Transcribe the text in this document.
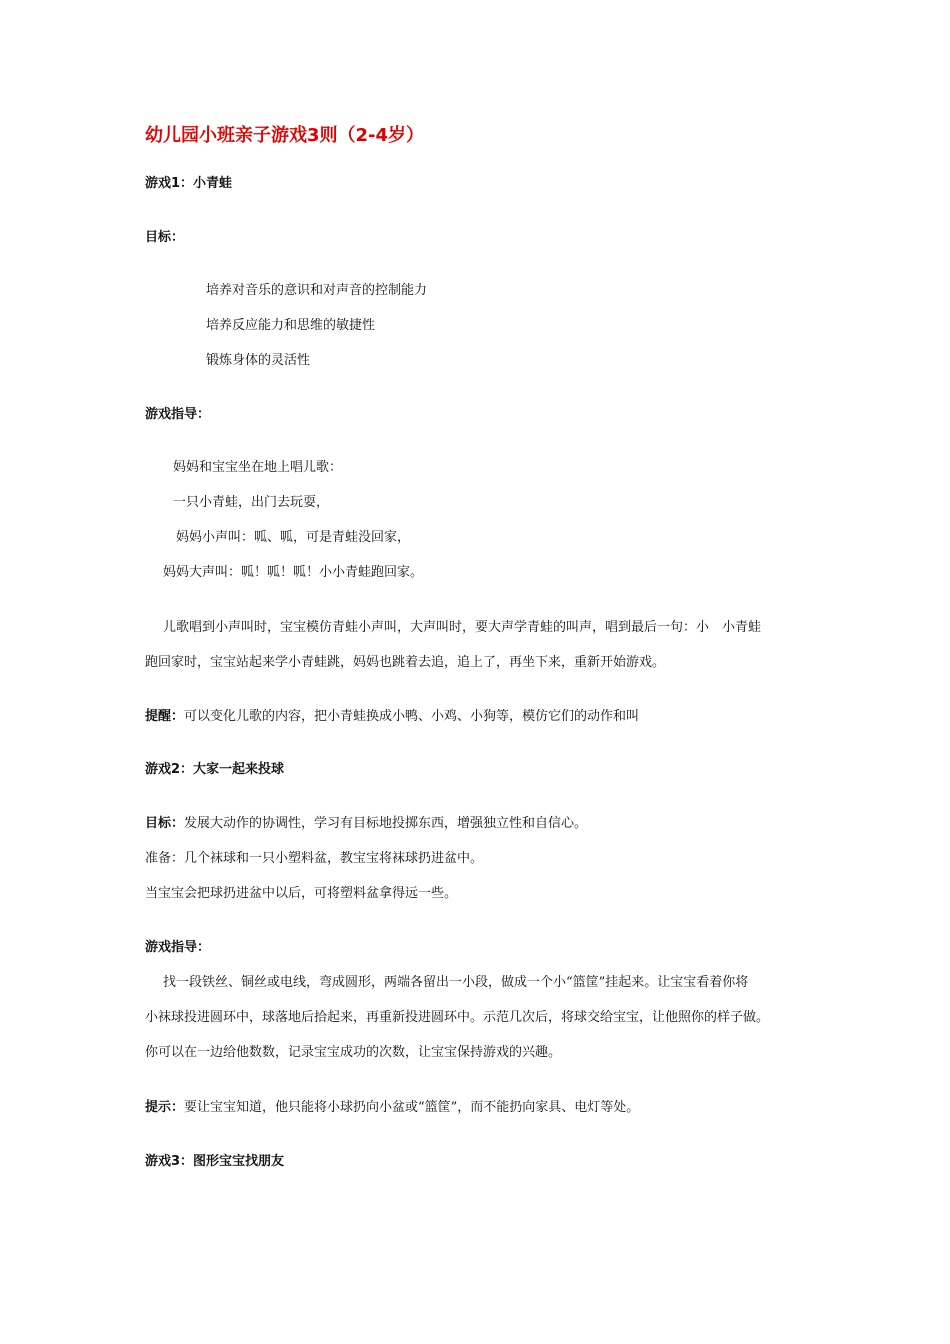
幼儿园小班亲子游戏3则（2-4岁）
游戏1：小青蛙
目标：
培养对音乐的意识和对声音的控制能力
培养反应能力和思维的敏捷性
锻炼身体的灵活性
游戏指导：
妈妈和宝宝坐在地上唱儿歌：
一只小青蛙，出门去玩耍，
妈妈小声叫：呱、呱，可是青蛙没回家，
妈妈大声叫：呱！呱！呱！小小青蛙跑回家。
儿歌唱到小声叫时，宝宝模仿青蛙小声叫，大声叫时，要大声学青蛙的叫声，唱到最后一句：小　小青蛙
跑回家时，宝宝站起来学小青蛙跳，妈妈也跳着去追，追上了，再坐下来，重新开始游戏。
提醒：可以变化儿歌的内容，把小青蛙换成小鸭、小鸡、小狗等，模仿它们的动作和叫
游戏2：大家一起来投球
目标：发展大动作的协调性，学习有目标地投掷东西，增强独立性和自信心。
准备：几个袜球和一只小塑料盆，教宝宝将袜球扔进盆中。
当宝宝会把球扔进盆中以后，可将塑料盆拿得远一些。
游戏指导：
找一段铁丝、铜丝或电线，弯成圆形，两端各留出一小段，做成一个小“篮筐”挂起来。让宝宝看着你将
小袜球投进圆环中，球落地后拾起来，再重新投进圆环中。示范几次后，将球交给宝宝，让他照你的样子做。
你可以在一边给他数数，记录宝宝成功的次数，让宝宝保持游戏的兴趣。
提示：要让宝宝知道，他只能将小球扔向小盆或“篮筐”，而不能扔向家具、电灯等处。
游戏3：图形宝宝找朋友
